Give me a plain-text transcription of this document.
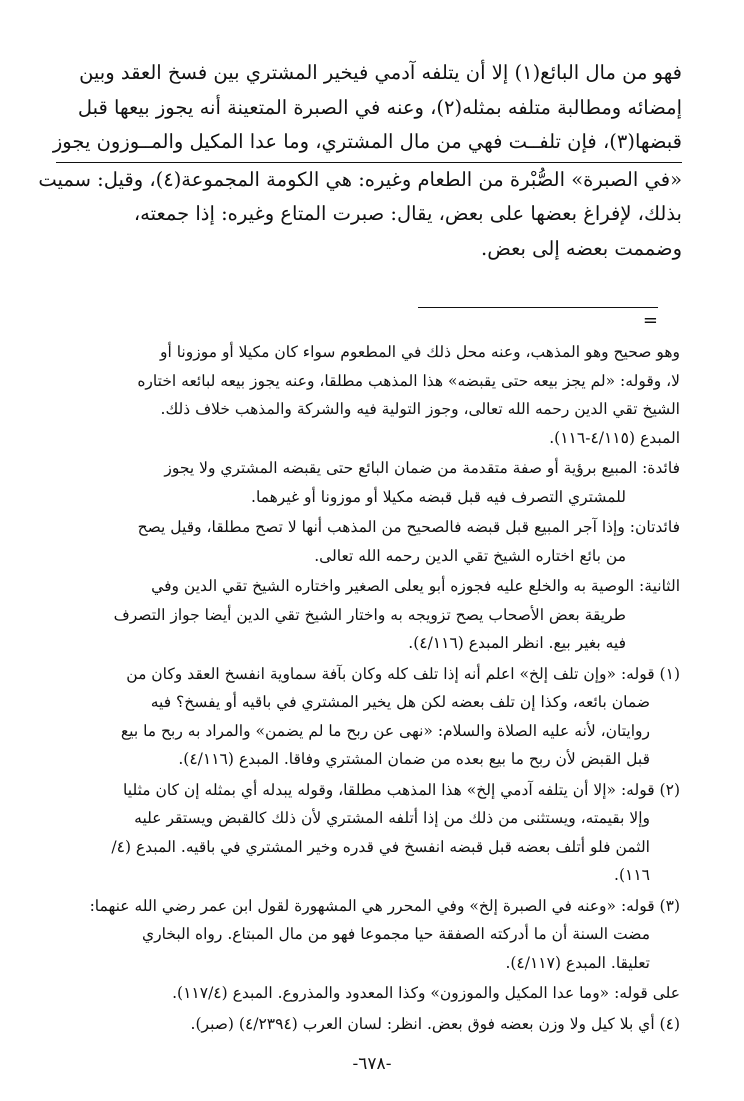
فهو من مال البائع(١) إلا أن يتلفه آدمي فيخير المشتري بين فسخ العقد وبين
إمضائه ومطالبة متلفه بمثله(٢)، وعنه في الصبرة المتعينة أنه يجوز بيعها قبل
قبضها(٣)، فإن تلفــت فهي من مال المشتري، وما عدا المكيل والمــوزون يجوز
«في الصبرة» الصُّبْرة من الطعام وغيره: هي الكومة المجموعة(٤)، وقيل: سميت
بذلك، لإفراغ بعضها على بعض، يقال: صبرت المتاع وغيره: إذا جمعته،
وضممت بعضه إلى بعض.
=
وهو صحيح وهو المذهب، وعنه محل ذلك في المطعوم سواء كان مكيلا أو موزونا أو
لا، وقوله: «لم يجز بيعه حتى يقبضه» هذا المذهب مطلقا، وعنه يجوز بيعه لبائعه اختاره
الشيخ تقي الدين رحمه الله تعالى، وجوز التولية فيه والشركة والمذهب خلاف ذلك.
المبدع (٤/١١٥-١١٦).
فائدة: المبيع برؤية أو صفة متقدمة من ضمان البائع حتى يقبضه المشتري ولا يجوز
للمشتري التصرف فيه قبل قبضه مكيلا أو موزونا أو غيرهما.
فائدتان: وإذا آجر المبيع قبل قبضه فالصحيح من المذهب أنها لا تصح مطلقا، وقيل يصح
من بائع اختاره الشيخ تقي الدين رحمه الله تعالى.
الثانية: الوصية به والخلع عليه فجوزه أبو يعلى الصغير واختاره الشيخ تقي الدين وفي
طريقة بعض الأصحاب يصح تزويجه به واختار الشيخ تقي الدين أيضا جواز التصرف
فيه بغير بيع. انظر المبدع (٤/١١٦).
(١) قوله: «وإن تلف إلخ» اعلم أنه إذا تلف كله وكان بآفة سماوية انفسخ العقد وكان من
ضمان بائعه، وكذا إن تلف بعضه لكن هل يخير المشتري في باقيه أو يفسخ؟ فيه
روايتان، لأنه عليه الصلاة والسلام: «نهى عن ربح ما لم يضمن» والمراد به ربح ما بيع
قبل القبض لأن ربح ما بيع بعده من ضمان المشتري وفاقا. المبدع (٤/١١٦).
(٢) قوله: «إلا أن يتلفه آدمي إلخ» هذا المذهب مطلقا، وقوله يبدله أي بمثله إن كان مثليا
وإلا بقيمته، ويستثنى من ذلك من إذا أتلفه المشتري لأن ذلك كالقبض ويستقر عليه
الثمن فلو أتلف بعضه قبل قبضه انفسخ في قدره وخير المشتري في باقيه. المبدع (٤/
١١٦).
(٣) قوله: «وعنه في الصبرة إلخ» وفي المحرر هي المشهورة لقول ابن عمر رضي الله عنهما:
مضت السنة أن ما أدركته الصفقة حيا مجموعا فهو من مال المبتاع. رواه البخاري
تعليقا. المبدع (٤/١١٧).
على قوله: «وما عدا المكيل والموزون» وكذا المعدود والمذروع. المبدع (١١٧/٤).
(٤) أي بلا كيل ولا وزن بعضه فوق بعض. انظر: لسان العرب (٤/٢٣٩٤) (صبر).
-٦٧٨-
